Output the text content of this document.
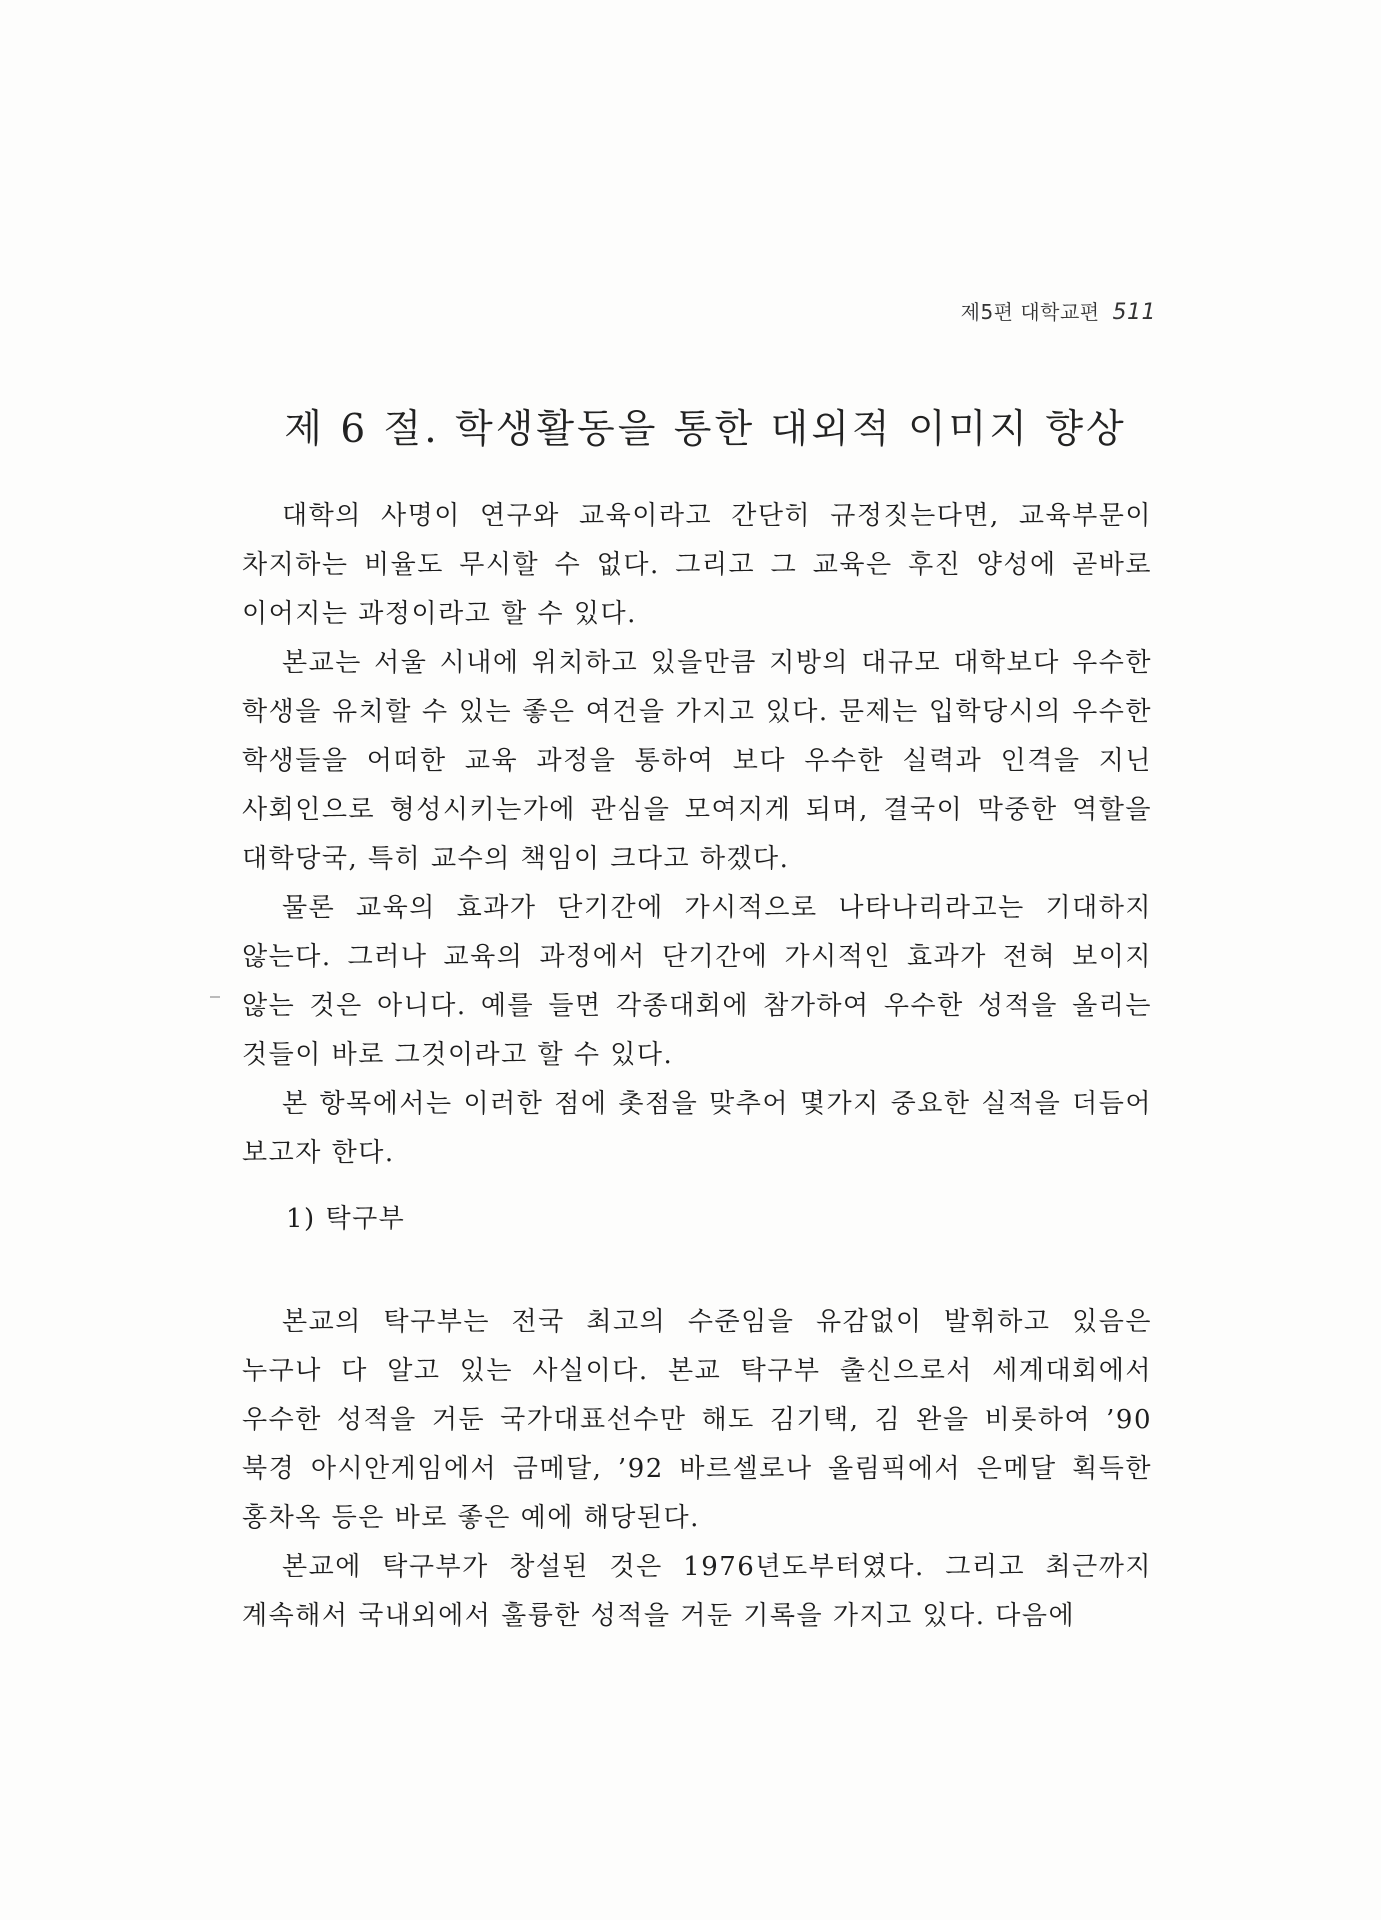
제5편 대학교편 511
제 6 절. 학생활동을 통한 대외적 이미지 향상

대학의 사명이 연구와 교육이라고 간단히 규정짓는다면, 교육부문이 차지하는 비율도 무시할 수 없다. 그리고 그 교육은 후진 양성에 곧바로 이어지는 과정이라고 할 수 있다.

본교는 서울 시내에 위치하고 있을만큼 지방의 대규모 대학보다 우수한 학생을 유치할 수 있는 좋은 여건을 가지고 있다. 문제는 입학당시의 우수한 학생들을 어떠한 교육 과정을 통하여 보다 우수한 실력과 인격을 지닌 사회인으로 형성시키는가에 관심을 모여지게 되며, 결국이 막중한 역할을 대학당국, 특히 교수의 책임이 크다고 하겠다.

물론 교육의 효과가 단기간에 가시적으로 나타나리라고는 기대하지 않는다. 그러나 교육의 과정에서 단기간에 가시적인 효과가 전혀 보이지 않는 것은 아니다. 예를 들면 각종대회에 참가하여 우수한 성적을 올리는 것들이 바로 그것이라고 할 수 있다.

본 항목에서는 이러한 점에 촛점을 맞추어 몇가지 중요한 실적을 더듬어 보고자 한다.

1) 탁구부

본교의 탁구부는 전국 최고의 수준임을 유감없이 발휘하고 있음은 누구나 다 알고 있는 사실이다. 본교 탁구부 출신으로서 세계대회에서 우수한 성적을 거둔 국가대표선수만 해도 김기택, 김 완을 비롯하여 ’90 북경 아시안게임에서 금메달, ’92 바르셀로나 올림픽에서 은메달 획득한 홍차옥 등은 바로 좋은 예에 해당된다.

본교에 탁구부가 창설된 것은 1976년도부터였다. 그리고 최근까지 계속해서 국내외에서 훌륭한 성적을 거둔 기록을 가지고 있다. 다음에
